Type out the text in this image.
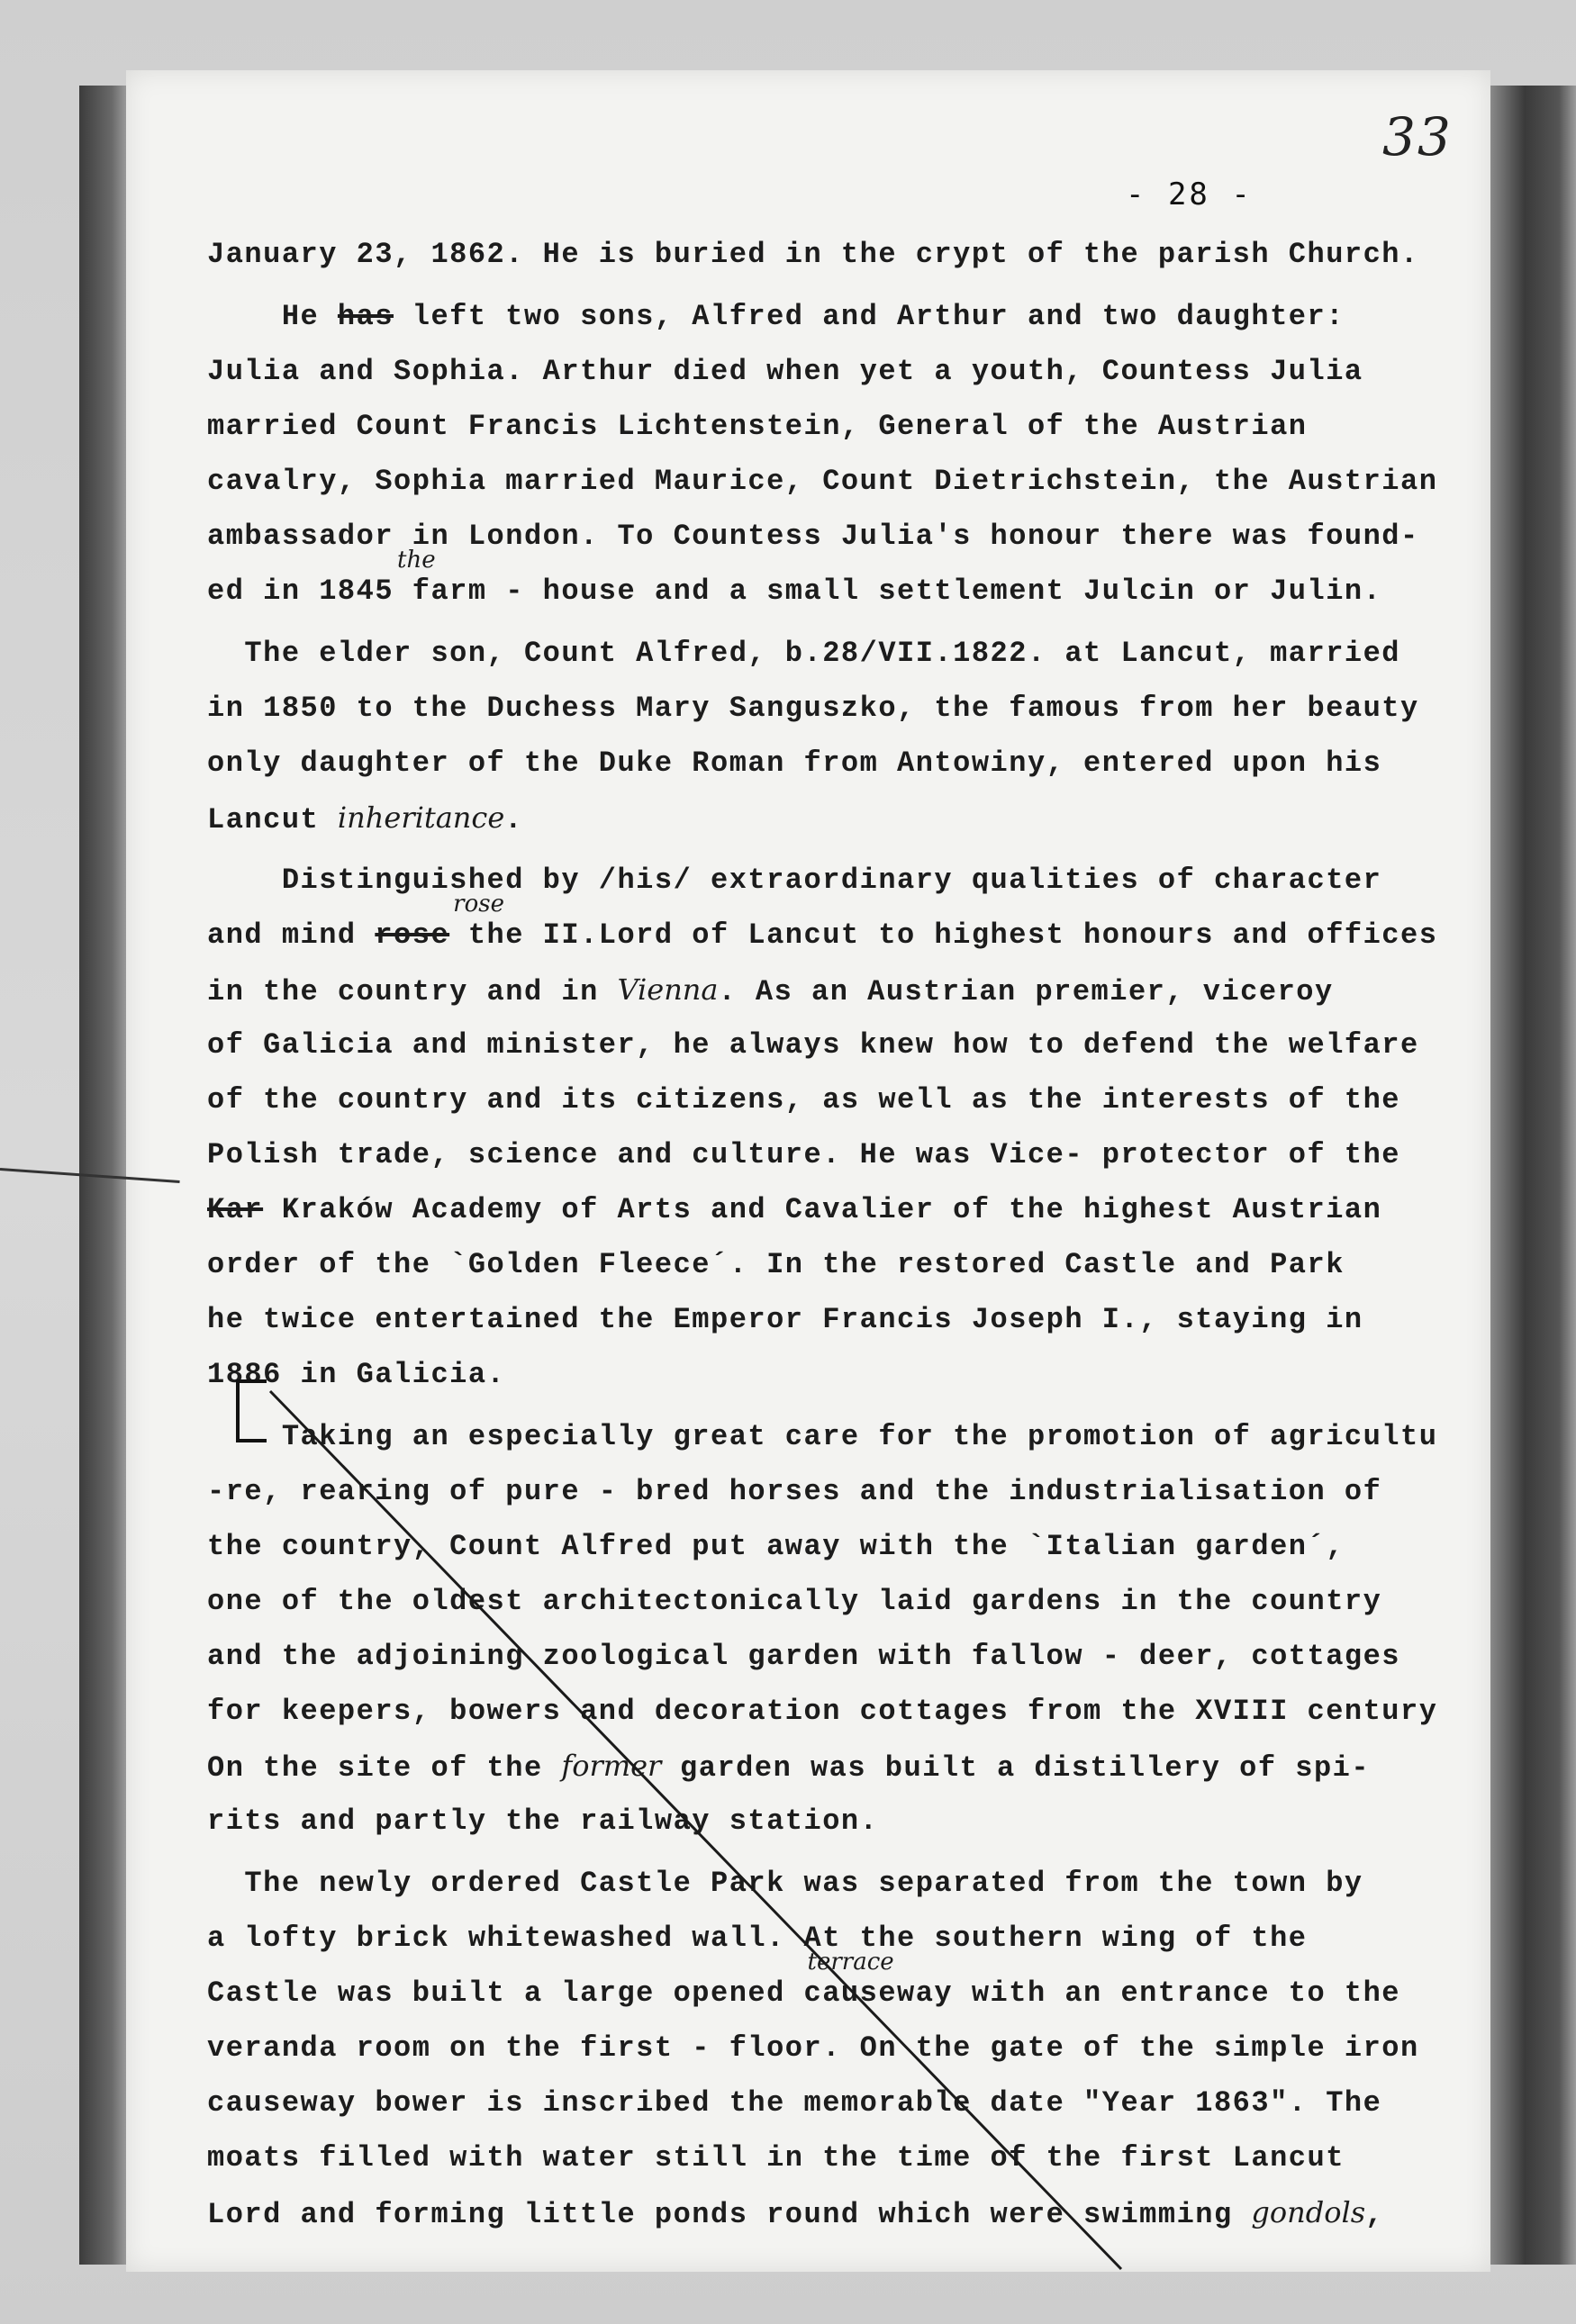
33
- 28 -
January 23, 1862. He is buried in the crypt of the parish Church.
He has left two sons, Alfred and Arthur and two daughter:
Julia and Sophia. Arthur died when yet a youth, Countess Julia
married Count Francis Lichtenstein, General of the Austrian
cavalry, Sophia married Maurice, Count Dietrichstein, the Austrian
ambassador in London. To Countess Julia's honour there was found-
ed in 1845
the
farm - house and a small settlement Julcin or Julin.
The elder son, Count Alfred, b.28/VII.1822. at Lancut, married
in 1850 to the Duchess Mary Sanguszko, the famous from her beauty
only daughter of the Duke Roman from Antowiny, entered upon his
Lancut inheritance.
Distinguished by /his/ extraordinary qualities of character
and mind rose
rose
the II.Lord of Lancut to highest honours and offices
in the country and in Vienna. As an Austrian premier, viceroy
of Galicia and minister, he always knew how to defend the welfare
of the country and its citizens, as well as the interests of the
Polish trade, science and culture. He was Vice- protector of the
Kar Kraków Academy of Arts and Cavalier of the highest Austrian
order of the `Golden Fleece´. In the restored Castle and Park
he twice entertained the Emperor Francis Joseph I., staying in
1886 in Galicia.
Taking an especially great care for the promotion of agricultu
-re, rearing of pure - bred horses and the industrialisation of
the country, Count Alfred put away with the `Italian garden´,
one of the oldest architectonically laid gardens in the country
and the adjoining zoological garden with fallow - deer, cottages
for keepers, bowers and decoration cottages from the XVIII century
On the site of the former garden was built a distillery of spi-
rits and partly the railway station.
The newly ordered Castle Park was separated from the town by
a lofty brick whitewashed wall. At the southern wing of the
Castle was built a large opened causeway
terrace
with an entrance to the
veranda room on the first - floor. On the gate of the simple iron
causeway bower is inscribed the memorable date "Year 1863". The
moats filled with water still in the time of the first Lancut
Lord and forming little ponds round which were swimming gondols,
